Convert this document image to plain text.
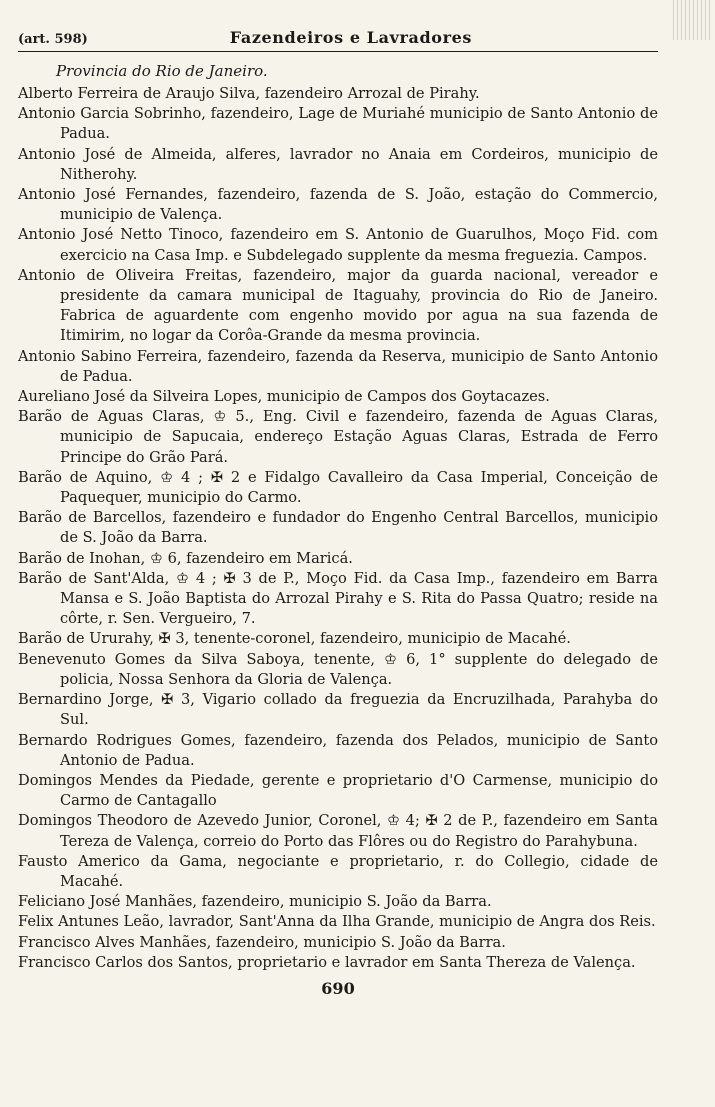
(art. 598)	Fazendeiros e Lavradores
Provincia do Rio de Janeiro.

Alberto Ferreira de Araujo Silva, fazendeiro Arrozal de Pirahy.

Antonio Garcia Sobrinho, fazendeiro, Lage de Muriahé municipio de Santo Antonio de Padua.

Antonio José de Almeida, alferes, lavrador no Anaia em Cordeiros, municipio de Nitherohy.

Antonio José Fernandes, fazendeiro, fazenda de S. João, estação do Commercio, municipio de Valença.

Antonio José Netto Tinoco, fazendeiro em S. Antonio de Guarulhos, Moço Fid. com exercicio na Casa Imp. e Subdelegado supplente da mesma freguezia. Campos.

Antonio de Oliveira Freitas, fazendeiro, major da guarda nacional, vereador e presidente da camara municipal de Itaguahy, provincia do Rio de Janeiro. Fabrica de aguardente com engenho movido por agua na sua fazenda de Itimirim, no logar da Corôa-Grande da mesma provincia.

Antonio Sabino Ferreira, fazendeiro, fazenda da Reserva, municipio de Santo Antonio de Padua.

Aureliano José da Silveira Lopes, municipio de Campos dos Goytacazes.

Barão de Aguas Claras, ♔ 5., Eng. Civil e fazendeiro, fazenda de Aguas Claras, municipio de Sapucaia, endereço Estação Aguas Claras, Estrada de Ferro Principe do Grão Pará.

Barão de Aquino, ♔ 4 ; ✠ 2 e Fidalgo Cavalleiro da Casa Imperial, Conceição de Paquequer, municipio do Carmo.

Barão de Barcellos, fazendeiro e fundador do Engenho Central Barcellos, municipio de S. João da Barra.

Barão de Inohan, ♔ 6, fazendeiro em Maricá.

Barão de Sant'Alda, ♔ 4 ; ✠ 3 de P., Moço Fid. da Casa Imp., fazendeiro em Barra Mansa e S. João Baptista do Arrozal Pirahy e S. Rita do Passa Quatro; reside na côrte, r. Sen. Vergueiro, 7.

Barão de Ururahy, ✠ 3, tenente-coronel, fazendeiro, municipio de Macahé.

Benevenuto Gomes da Silva Saboya, tenente, ♔ 6, 1° supplente do delegado de policia, Nossa Senhora da Gloria de Valença.

Bernardino Jorge, ✠ 3, Vigario collado da freguezia da Encruzilhada, Parahyba do Sul.

Bernardo Rodrigues Gomes, fazendeiro, fazenda dos Pelados, municipio de Santo Antonio de Padua.

Domingos Mendes da Piedade, gerente e proprietario d'O Carmense, municipio do Carmo de Cantagallo

Domingos Theodoro de Azevedo Junior, Coronel, ♔ 4; ✠ 2 de P., fazendeiro em Santa Tereza de Valença, correio do Porto das Flôres ou do Registro do Parahybuna.

Fausto Americo da Gama, negociante e proprietario, r. do Collegio, cidade de Macahé.

Feliciano José Manhães, fazendeiro, municipio S. João da Barra.

Felix Antunes Leão, lavrador, Sant'Anna da Ilha Grande, municipio de Angra dos Reis.

Francisco Alves Manhães, fazendeiro, municipio S. João da Barra.

Francisco Carlos dos Santos, proprietario e lavrador em Santa Thereza de Valença.

690
